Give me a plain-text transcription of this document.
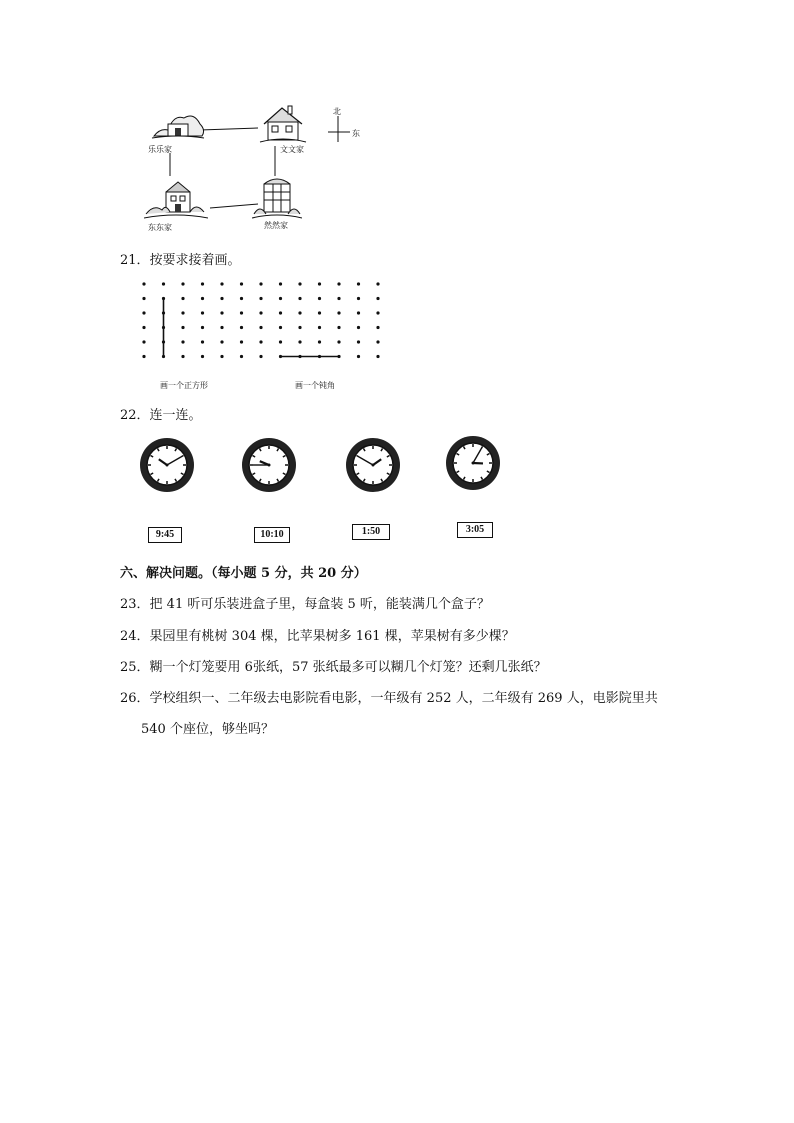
乐乐家	文文家
北
东
东东家	然然家
21．按要求接着画。
画一个正方形	画一个钝角
22．连一连。
9:45	10:10	1:50	3:05
六、解决问题。（每小题 5 分，共 20 分）
23．把 41 听可乐装进盒子里，每盒装 5 听，能装满几个盒子？
24．果园里有桃树 304 棵，比苹果树多 161 棵，苹果树有多少棵？
25．糊一个灯笼要用 6张纸，57 张纸最多可以糊几个灯笼？还剩几张纸？
26．学校组织一、二年级去电影院看电影，一年级有 252 人，二年级有 269 人，电影院里共
540 个座位，够坐吗？
